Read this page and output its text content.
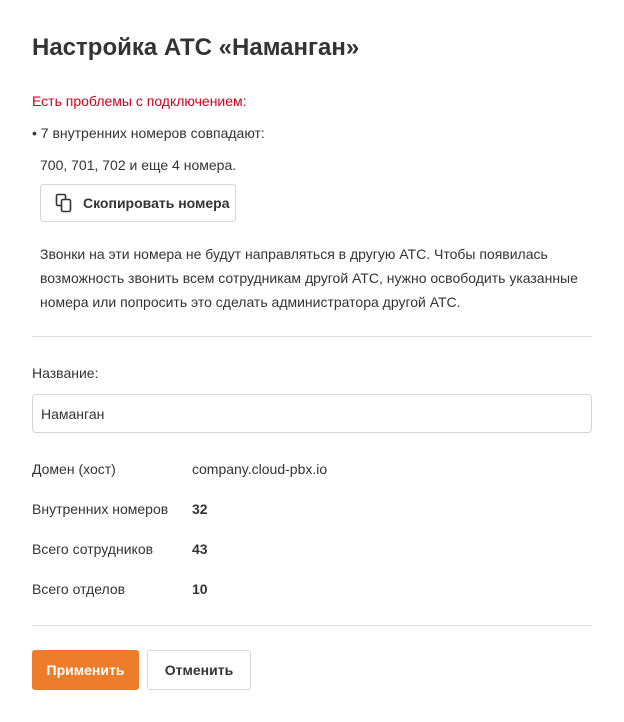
Настройка АТС «Наманган»
Есть проблемы с подключением:
• 7 внутренних номеров совпадают:
700, 701, 702 и еще 4 номера.
Скопировать номера
Звонки на эти номера не будут направляться в другую АТС. Чтобы появилась возможность звонить всем сотрудникам другой АТС, нужно освободить указанные номера или попросить это сделать администратора другой АТС.
Название:
Наманган
Домен (хост)	company.cloud-pbx.io
Внутренних номеров 32
Всего сотрудников	43
Всего отделов	10
Применить	Отменить
